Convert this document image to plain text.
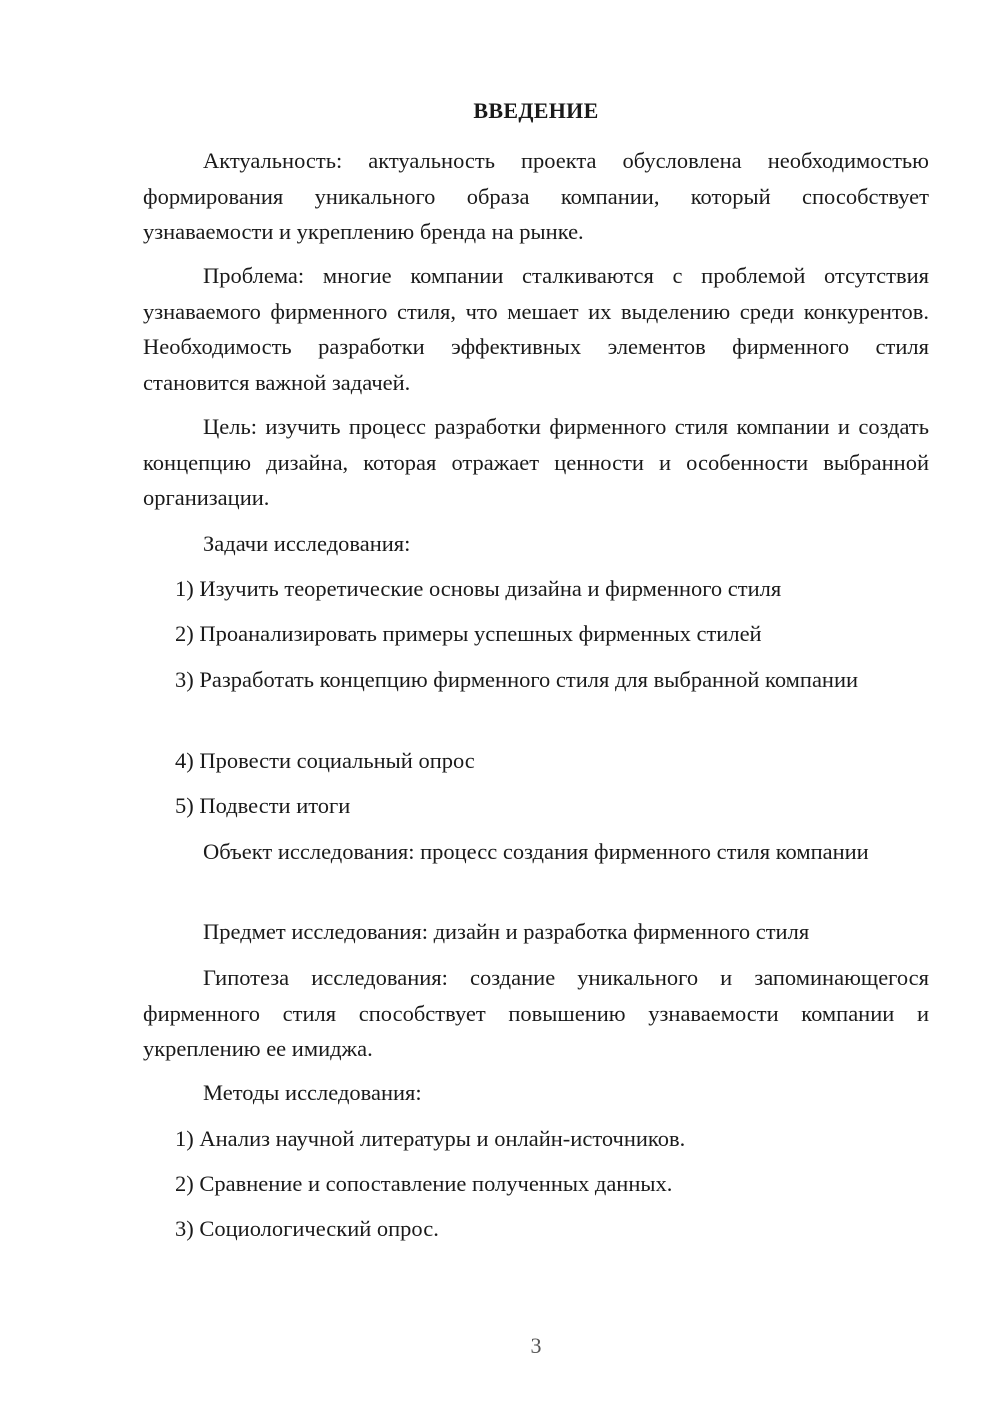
ВВЕДЕНИЕ

Актуальность: актуальность проекта обусловлена необходимостью формирования уникального образа компании, который способствует узнаваемости и укреплению бренда на рынке.

Проблема: многие компании сталкиваются с проблемой отсутствия узнаваемого фирменного стиля, что мешает их выделению среди конкурентов. Необходимость разработки эффективных элементов фирменного стиля становится важной задачей.

Цель: изучить процесс разработки фирменного стиля компании и создать концепцию дизайна, которая отражает ценности и особенности выбранной организации.

Задачи исследования:

1) Изучить теоретические основы дизайна и фирменного стиля

2) Проанализировать примеры успешных фирменных стилей

3) Разработать концепцию фирменного стиля для выбранной компании

4) Провести социальный опрос

5) Подвести итоги

Объект исследования: процесс создания фирменного стиля компании

Предмет исследования: дизайн и разработка фирменного стиля

Гипотеза исследования: создание уникального и запоминающегося фирменного стиля способствует повышению узнаваемости компании и укреплению ее имиджа.

Методы исследования:

1) Анализ научной литературы и онлайн-источников.

2) Сравнение и сопоставление полученных данных.

3) Социологический опрос.

3
